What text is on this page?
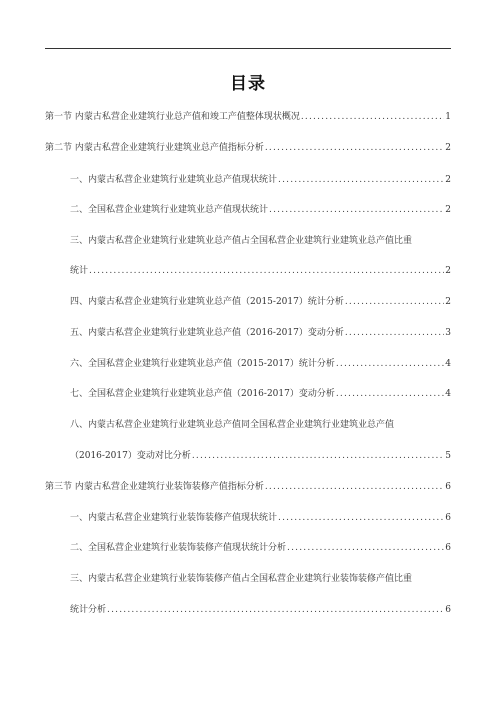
目录
第一节 内蒙古私营企业建筑行业总产值和竣工产值整体现状概况 .....	1
第二节 内蒙古私营企业建筑行业建筑业总产值指标分析 .....	2
一、内蒙古私营企业建筑行业建筑业总产值现状统计 .....	2
二、全国私营企业建筑行业建筑业总产值现状统计 .....	2
三、内蒙古私营企业建筑行业建筑业总产值占全国私营企业建筑行业建筑业总产值比重
统计 .....	2
四、内蒙古私营企业建筑行业建筑业总产值（2015-2017）统计分析 .....	2
五、内蒙古私营企业建筑行业建筑业总产值（2016-2017）变动分析 .....	3
六、全国私营企业建筑行业建筑业总产值（2015-2017）统计分析 .....	4
七、全国私营企业建筑行业建筑业总产值（2016-2017）变动分析 .....	4
八、内蒙古私营企业建筑行业建筑业总产值同全国私营企业建筑行业建筑业总产值
（2016-2017）变动对比分析 .....	5
第三节 内蒙古私营企业建筑行业装饰装修产值指标分析 .....	6
一、内蒙古私营企业建筑行业装饰装修产值现状统计 .....	6
二、全国私营企业建筑行业装饰装修产值现状统计分析 .....	6
三、内蒙古私营企业建筑行业装饰装修产值占全国私营企业建筑行业装饰装修产值比重
统计分析 .....	6
